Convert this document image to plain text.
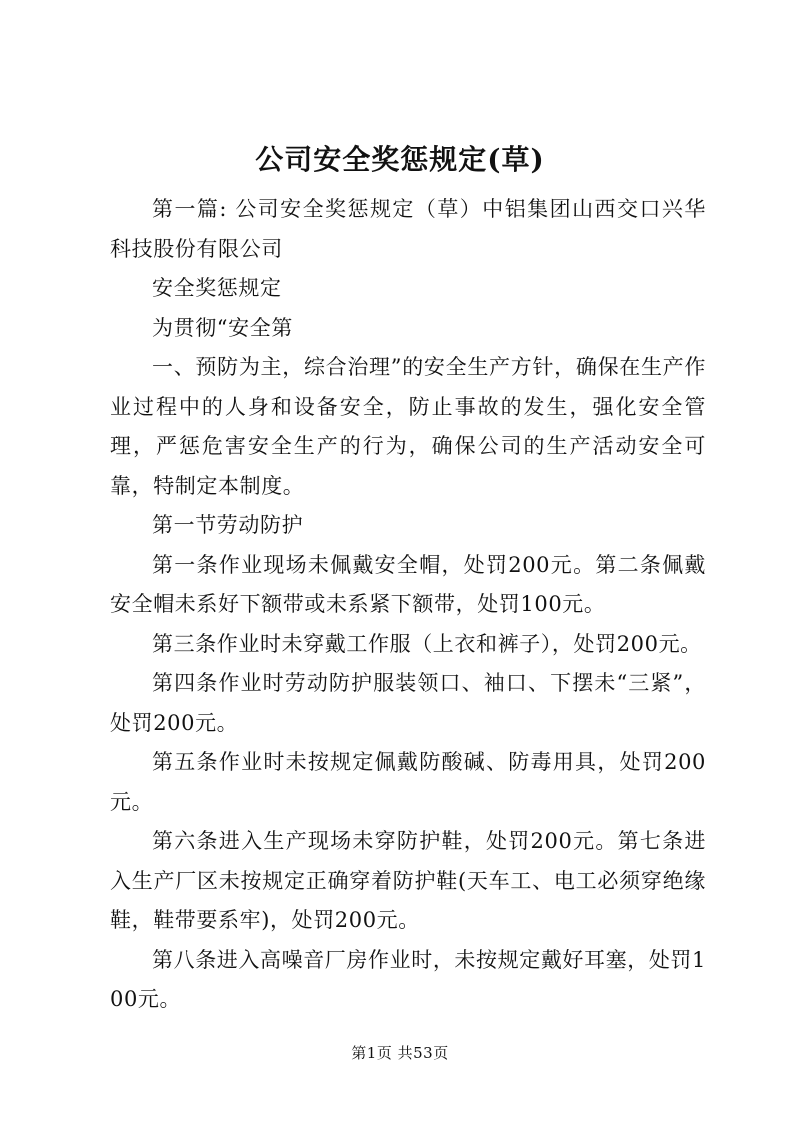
公司安全奖惩规定(草)

第一篇: 公司安全奖惩规定（草）中铝集团山西交口兴华科技股份有限公司

安全奖惩规定

为贯彻“安全第

一、预防为主，综合治理”的安全生产方针，确保在生产作业过程中的人身和设备安全，防止事故的发生，强化安全管理，严惩危害安全生产的行为，确保公司的生产活动安全可靠，特制定本制度。

第一节劳动防护

第一条作业现场未佩戴安全帽，处罚200元。第二条佩戴安全帽未系好下额带或未系紧下额带，处罚100元。

第三条作业时未穿戴工作服（上衣和裤子），处罚200元。

第四条作业时劳动防护服装领口、袖口、下摆未“三紧”，处罚200元。

第五条作业时未按规定佩戴防酸碱、防毒用具，处罚200元。

第六条进入生产现场未穿防护鞋，处罚200元。第七条进入生产厂区未按规定正确穿着防护鞋(天车工、电工必须穿绝缘鞋，鞋带要系牢)，处罚200元。

第八条进入高噪音厂房作业时，未按规定戴好耳塞，处罚100元。

第1页 共53页
